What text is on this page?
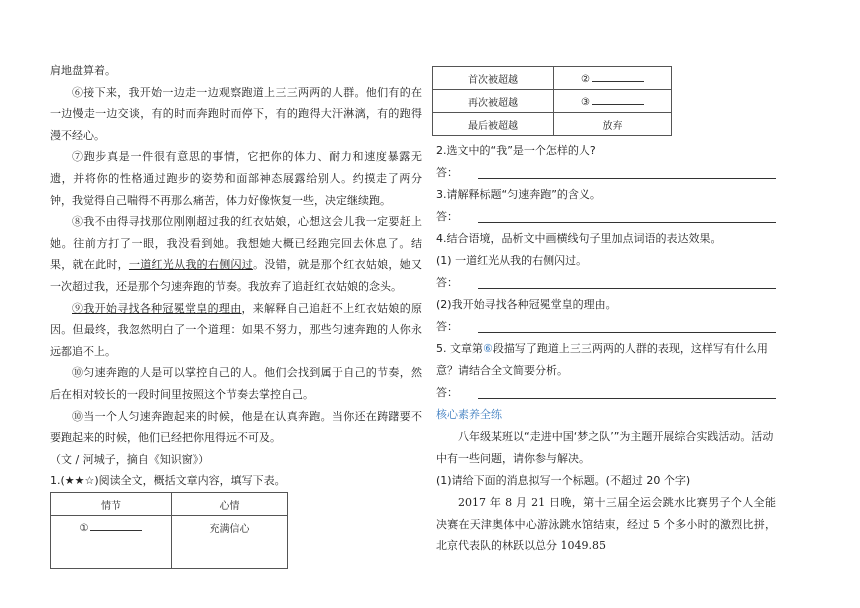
肩地盘算着。

⑥接下来，我开始一边走一边观察跑道上三三两两的人群。他们有的在一边慢走一边交谈，有的时而奔跑时而停下，有的跑得大汗淋漓，有的跑得漫不经心。

⑦跑步真是一件很有意思的事情，它把你的体力、耐力和速度暴露无遗，并将你的性格通过跑步的姿势和面部神态展露给别人。约摸走了两分钟，我觉得自己喘得不再那么痛苦，体力好像恢复一些，决定继续跑。

⑧我不由得寻找那位刚刚超过我的红衣姑娘，心想这会儿我一定要赶上她。往前方打了一眼，我没看到她。我想她大概已经跑完回去休息了。结果，就在此时，一道红光从我的右侧闪过。没错，就是那个红衣姑娘，她又一次超过我，还是那个匀速奔跑的节奏。我放弃了追赶红衣姑娘的念头。

⑨我开始寻找各种冠冕堂皇的理由，来解释自己追赶不上红衣姑娘的原因。但最终，我忽然明白了一个道理：如果不努力，那些匀速奔跑的人你永远都追不上。

⑩匀速奔跑的人是可以掌控自己的人。他们会找到属于自己的节奏，然后在相对较长的一段时间里按照这个节奏去掌控自己。

⑩当一个人匀速奔跑起来的时候，他是在认真奔跑。当你还在踌躇要不要跑起来的时候，他们已经把你甩得远不可及。

（文 / 河城子，摘自《知识窗》）

1.(★★☆)阅读全文，概括文章内容，填写下表。

情节	心情
①	充满信心
首次被超越	②
再次被超越	③
最后被超越	放弃

2.选文中的“我”是一个怎样的人?

答：

3.请解释标题“匀速奔跑”的含义。

答：

4.结合语境，品析文中画横线句子里加点词语的表达效果。

(1) 一道红光从我的右侧闪过。

答：

(2)我开始寻找各种冠冕堂皇的理由。

答：

5. 文章第⑥段描写了跑道上三三两两的人群的表现，这样写有什么用意？请结合全文简要分析。

答：

核心素养全练

八年级某班以“走进中国‘梦之队’”为主题开展综合实践活动。活动中有一些问题，请你参与解决。

(1)请给下面的消息拟写一个标题。(不超过 20 个字)

2017 年 8 月 21 日晚，第十三届全运会跳水比赛男子个人全能决赛在天津奥体中心游泳跳水馆结束，经过 5 个多小时的激烈比拼，北京代表队的林跃以总分 1049.85
